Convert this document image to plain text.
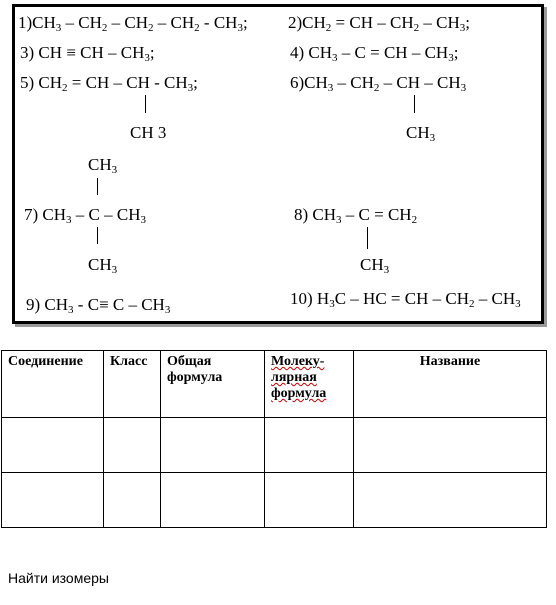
$1)CH_3 - CH_2 - CH_2 - CH_2 - CH_3$; $2)CH_2$ = CH – $CH_2 - CH_3$;
3) CH ≡ CH – $CH_3$;	4) $CH_3$ – C = CH – $CH_3$;
5) $CH_2$ = CH – CH - $CH_3$;
CH 3
$6)CH_3 - CH_2$ – CH – $CH_3$
$CH_3$
$CH_3$
7) $CH_3$ – C – $CH_3$
$CH_3$
8) $CH_3 - C = CH_2$
$CH_3$
9) $CH_3 - C\equiv C - CH_3$
10) $H_3C$ – HC = CH – $CH_2 - CH_3$
Соединение	Класс	Общая формула	Молеку-лярная формула	Название

Найти изомеры
